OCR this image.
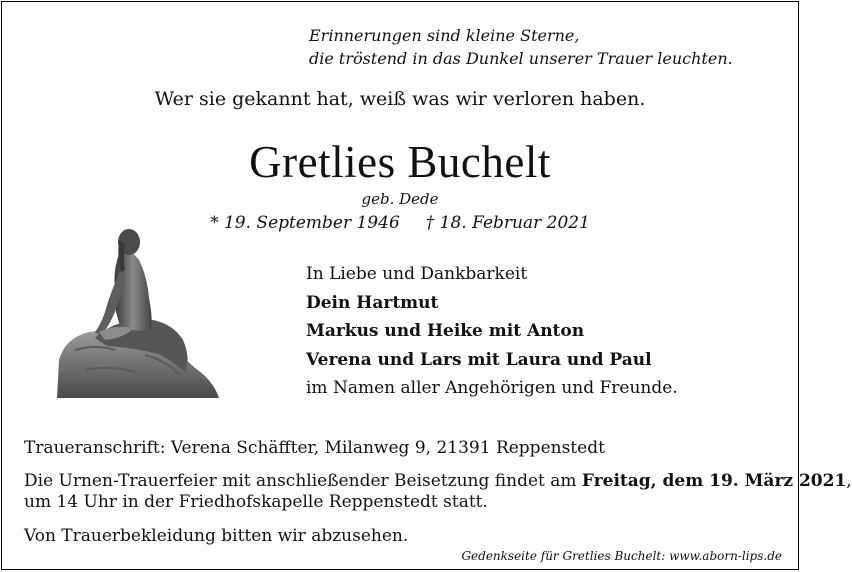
Erinnerungen sind kleine Sterne,
die tröstend in das Dunkel unserer Trauer leuchten.
Wer sie gekannt hat, weiß was wir verloren haben.
Gretlies Buchelt
geb. Dede
* 19. September 1946 † 18. Februar 2021
In Liebe und Dankbarkeit
Dein Hartmut
Markus und Heike mit Anton
Verena und Lars mit Laura und Paul
im Namen aller Angehörigen und Freunde.
Traueranschrift: Verena Schäffter, Milanweg 9, 21391 Reppenstedt
Die Urnen-Trauerfeier mit anschließender Beisetzung findet am Freitag, dem 19. März 2021,
um 14 Uhr in der Friedhofskapelle Reppenstedt statt.
Von Trauerbekleidung bitten wir abzusehen.
Gedenkseite für Gretlies Buchelt: www.aborn-lips.de
